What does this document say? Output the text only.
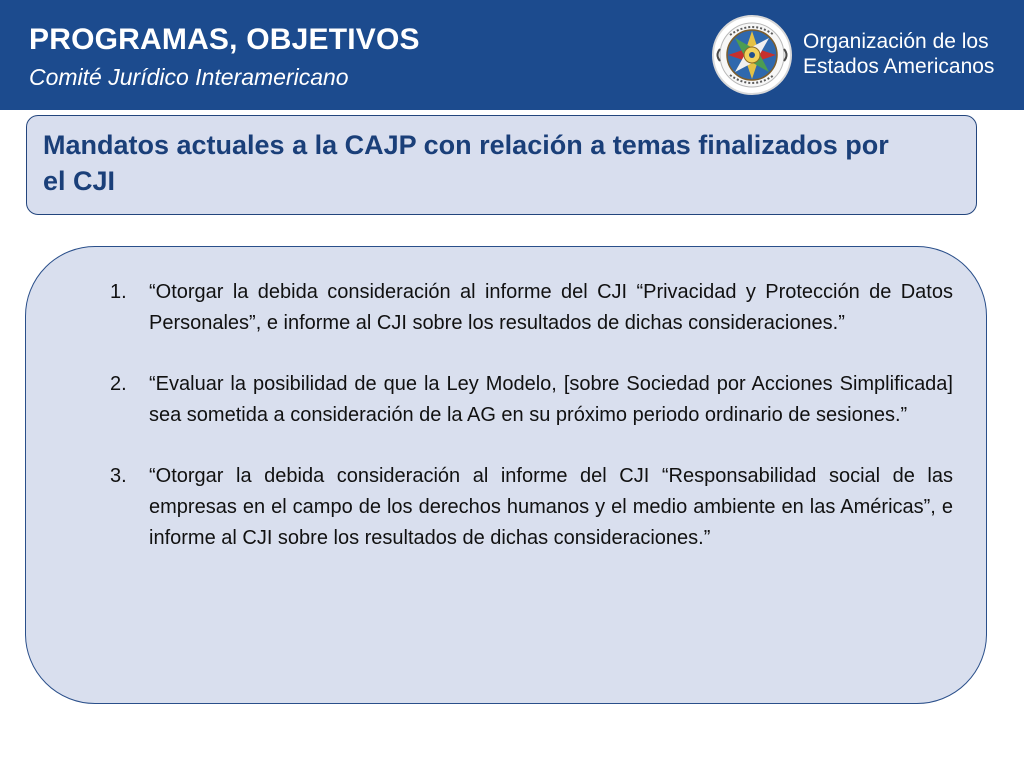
PROGRAMAS, OBJETIVOS
Comité Jurídico Interamericano
Organización de los
Estados Americanos
Mandatos actuales a la CAJP con relación a temas finalizados por
el CJI
1.	“Otorgar la debida consideración al informe del CJI “Privacidad y Protección de Datos Personales”, e informe al CJI sobre los resultados de dichas consideraciones.”
2.	“Evaluar la posibilidad de que la Ley Modelo, [sobre Sociedad por Acciones Simplificada] sea sometida a consideración de la AG en su próximo periodo ordinario de sesiones.”
3.	“Otorgar la debida consideración al informe del CJI “Responsabilidad social de las empresas en el campo de los derechos humanos y el medio ambiente en las Américas”, e informe al CJI sobre los resultados de dichas consideraciones.”
